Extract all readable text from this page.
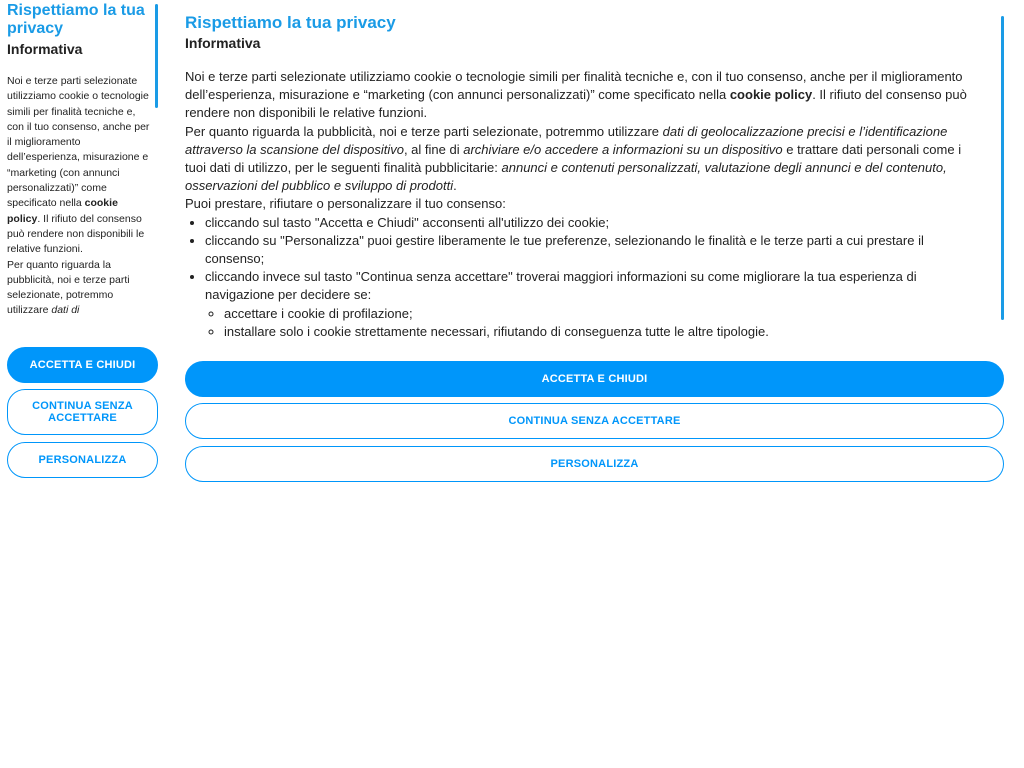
Rispettiamo la tua privacy
Informativa
Noi e terze parti selezionate utilizziamo cookie o tecnologie simili per finalità tecniche e, con il tuo consenso, anche per il miglioramento dell’esperienza, misurazione e “marketing (con annunci personalizzati)” come specificato nella cookie policy. Il rifiuto del consenso può rendere non disponibili le relative funzioni.
Per quanto riguarda la pubblicità, noi e terze parti selezionate, potremmo utilizzare dati di
ACCETTA E CHIUDI
CONTINUA SENZA ACCETTARE
PERSONALIZZA
Rispettiamo la tua privacy
Informativa

Noi e terze parti selezionate utilizziamo cookie o tecnologie simili per finalità tecniche e, con il tuo consenso, anche per il miglioramento dell’esperienza, misurazione e “marketing (con annunci personalizzati)” come specificato nella cookie policy. Il rifiuto del consenso può rendere non disponibili le relative funzioni.

Per quanto riguarda la pubblicità, noi e terze parti selezionate, potremmo utilizzare dati di geolocalizzazione precisi e l’identificazione attraverso la scansione del dispositivo, al fine di archiviare e/o accedere a informazioni su un dispositivo e trattare dati personali come i tuoi dati di utilizzo, per le seguenti finalità pubblicitarie: annunci e contenuti personalizzati, valutazione degli annunci e del contenuto, osservazioni del pubblico e sviluppo di prodotti.

Puoi prestare, rifiutare o personalizzare il tuo consenso:

• cliccando sul tasto "Accetta e Chiudi" acconsenti all'utilizzo dei cookie;
• cliccando su "Personalizza" puoi gestire liberamente le tue preferenze, selezionando le finalità e le terze parti a cui prestare il consenso;
• cliccando invece sul tasto "Continua senza accettare" troverai maggiori informazioni su come migliorare la tua esperienza di navigazione per decidere se:
◦ accettare i cookie di profilazione;
◦ installare solo i cookie strettamente necessari, rifiutando di conseguenza tutte le altre tipologie.
ACCETTA E CHIUDI
CONTINUA SENZA ACCETTARE
PERSONALIZZA
